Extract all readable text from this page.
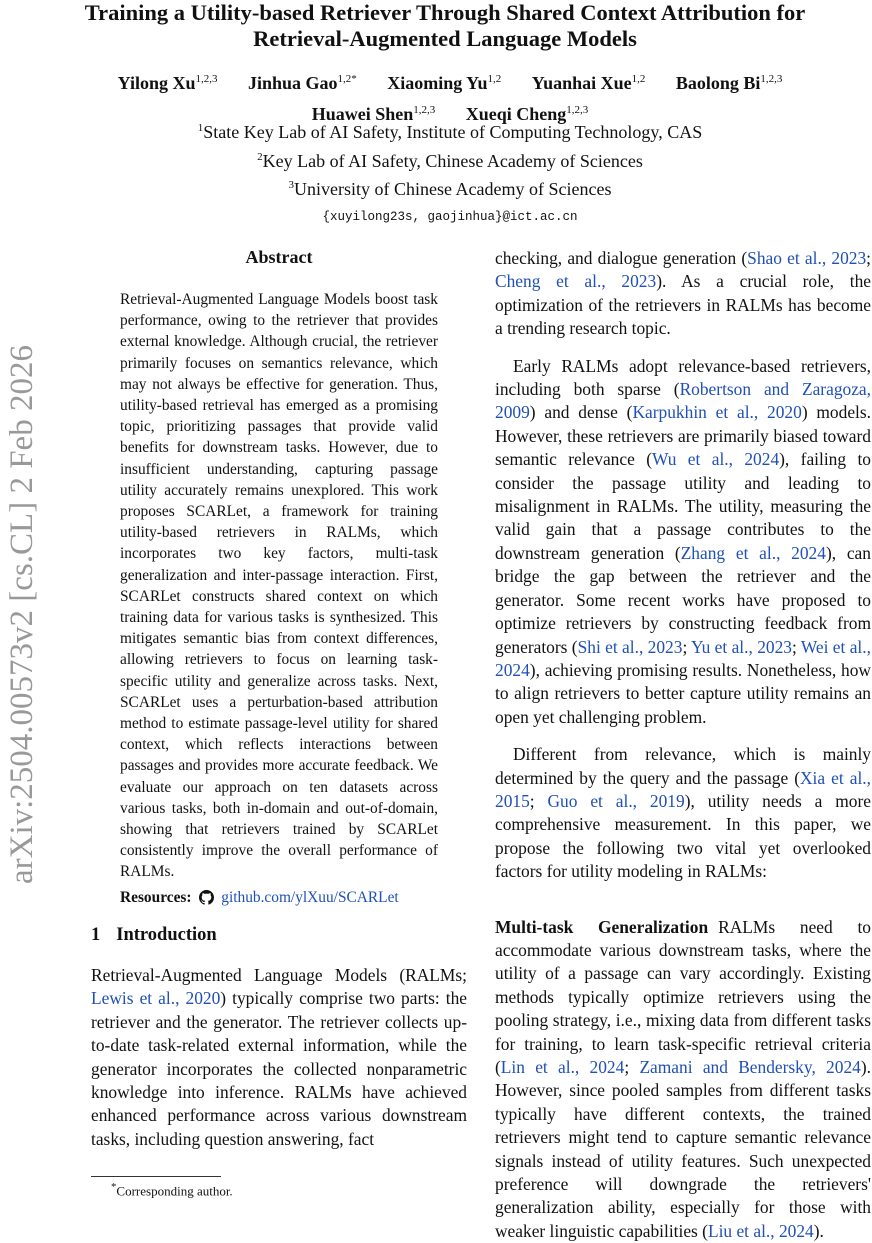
Training a Utility-based Retriever Through Shared Context Attribution for
Retrieval-Augmented Language Models
Yilong Xu$^{1,2,3}$ Jinhua Gao$^{1,2*}$ Xiaoming Yu$^{1,2}$ Yuanhai Xue$^{1,2}$ Baolong Bi$^{1,2,3}$
Huawei Shen$^{1,2,3}$ Xueqi Cheng$^{1,2,3}$
$^1$State Key Lab of AI Safety, Institute of Computing Technology, CAS
$^2$Key Lab of AI Safety, Chinese Academy of Sciences
$^3$University of Chinese Academy of Sciences
{xuyilong23s, gaojinhua}@ict.ac.cn
arXiv:2504.00573v2 [cs.CL] 2 Feb 2026
Abstract
Retrieval-Augmented Language Models boost task performance, owing to the retriever that provides external knowledge. Although crucial, the retriever primarily focuses on semantics relevance, which may not always be effective for generation. Thus, utility-based retrieval has emerged as a promising topic, prioritizing passages that provide valid benefits for downstream tasks. However, due to insufficient understanding, capturing passage utility accurately remains unexplored. This work proposes SCARLet, a framework for training utility-based retrievers in RALMs, which incorporates two key factors, multi-task generalization and inter-passage interaction. First, SCARLet constructs shared context on which training data for various tasks is synthesized. This mitigates semantic bias from context differences, allowing retrievers to focus on learning task-specific utility and generalize across tasks. Next, SCARLet uses a perturbation-based attribution method to estimate passage-level utility for shared context, which reflects interactions between passages and provides more accurate feedback. We evaluate our approach on ten datasets across various tasks, both in-domain and out-of-domain, showing that retrievers trained by SCARLet consistently improve the overall performance of RALMs.
Resources: github.com/ylXuu/SCARLet
1 Introduction
Retrieval-Augmented Language Models (RALMs; Lewis et al., 2020) typically comprise two parts: the retriever and the generator. The retriever collects up-to-date task-related external information, while the generator incorporates the collected nonparametric knowledge into inference. RALMs have achieved enhanced performance across various downstream tasks, including question answering, fact

checking, and dialogue generation (Shao et al., 2023; Cheng et al., 2023). As a crucial role, the optimization of the retrievers in RALMs has become a trending research topic.

Early RALMs adopt relevance-based retrievers, including both sparse (Robertson and Zaragoza, 2009) and dense (Karpukhin et al., 2020) models. However, these retrievers are primarily biased toward semantic relevance (Wu et al., 2024), failing to consider the passage utility and leading to misalignment in RALMs. The utility, measuring the valid gain that a passage contributes to the downstream generation (Zhang et al., 2024), can bridge the gap between the retriever and the generator. Some recent works have proposed to optimize retrievers by constructing feedback from generators (Shi et al., 2023; Yu et al., 2023; Wei et al., 2024), achieving promising results. Nonetheless, how to align retrievers to better capture utility remains an open yet challenging problem.

Different from relevance, which is mainly determined by the query and the passage (Xia et al., 2015; Guo et al., 2019), utility needs a more comprehensive measurement. In this paper, we propose the following two vital yet overlooked factors for utility modeling in RALMs:

Multi-task Generalization RALMs need to accommodate various downstream tasks, where the utility of a passage can vary accordingly. Existing methods typically optimize retrievers using the pooling strategy, i.e., mixing data from different tasks for training, to learn task-specific retrieval criteria (Lin et al., 2024; Zamani and Bendersky, 2024). However, since pooled samples from different tasks typically have different contexts, the trained retrievers might tend to capture semantic relevance signals instead of utility features. Such unexpected preference will downgrade the retrievers' generalization ability, especially for those with weaker linguistic capabilities (Liu et al., 2024).

*Corresponding author.
